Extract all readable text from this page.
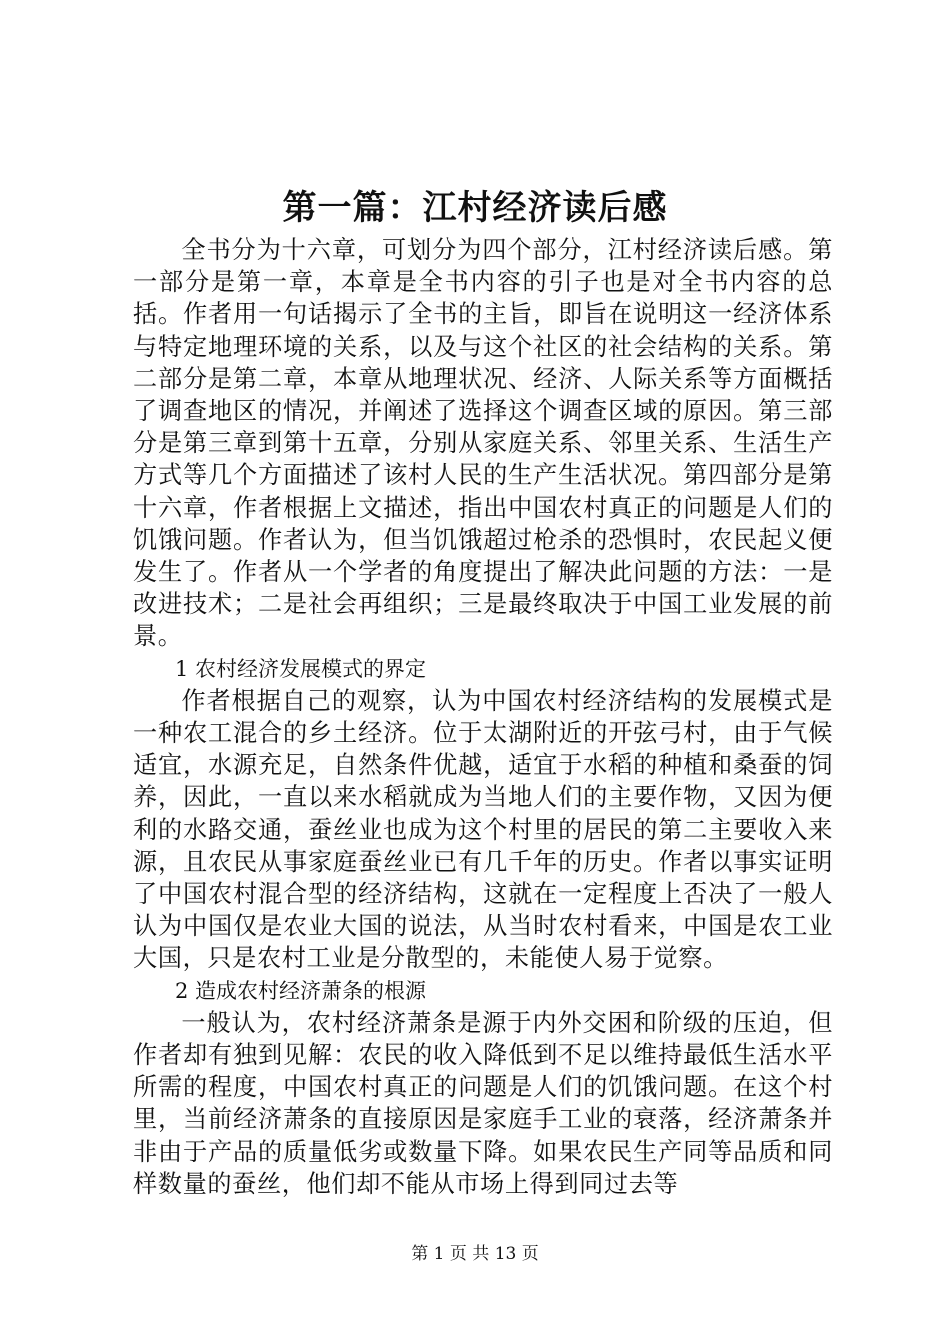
第一篇：江村经济读后感

全书分为十六章，可划分为四个部分，江村经济读后感。第一部分是第一章，本章是全书内容的引子也是对全书内容的总括。作者用一句话揭示了全书的主旨，即旨在说明这一经济体系与特定地理环境的关系，以及与这个社区的社会结构的关系。第二部分是第二章，本章从地理状况、经济、人际关系等方面概括了调查地区的情况，并阐述了选择这个调查区域的原因。第三部分是第三章到第十五章，分别从家庭关系、邻里关系、生活生产方式等几个方面描述了该村人民的生产生活状况。第四部分是第十六章，作者根据上文描述，指出中国农村真正的问题是人们的饥饿问题。作者认为，但当饥饿超过枪杀的恐惧时，农民起义便发生了。作者从一个学者的角度提出了解决此问题的方法：一是改进技术；二是社会再组织；三是最终取决于中国工业发展的前景。

1 农村经济发展模式的界定

作者根据自己的观察，认为中国农村经济结构的发展模式是一种农工混合的乡土经济。位于太湖附近的开弦弓村，由于气候适宜，水源充足，自然条件优越，适宜于水稻的种植和桑蚕的饲养，因此，一直以来水稻就成为当地人们的主要作物，又因为便利的水路交通，蚕丝业也成为这个村里的居民的第二主要收入来源，且农民从事家庭蚕丝业已有几千年的历史。作者以事实证明了中国农村混合型的经济结构，这就在一定程度上否决了一般人认为中国仅是农业大国的说法，从当时农村看来，中国是农工业大国，只是农村工业是分散型的，未能使人易于觉察。

2 造成农村经济萧条的根源

一般认为，农村经济萧条是源于内外交困和阶级的压迫，但作者却有独到见解：农民的收入降低到不足以维持最低生活水平所需的程度，中国农村真正的问题是人们的饥饿问题。在这个村里，当前经济萧条的直接原因是家庭手工业的衰落，经济萧条并非由于产品的质量低劣或数量下降。如果农民生产同等品质和同样数量的蚕丝，他们却不能从市场上得到同过去等

第 1 页 共 13 页
